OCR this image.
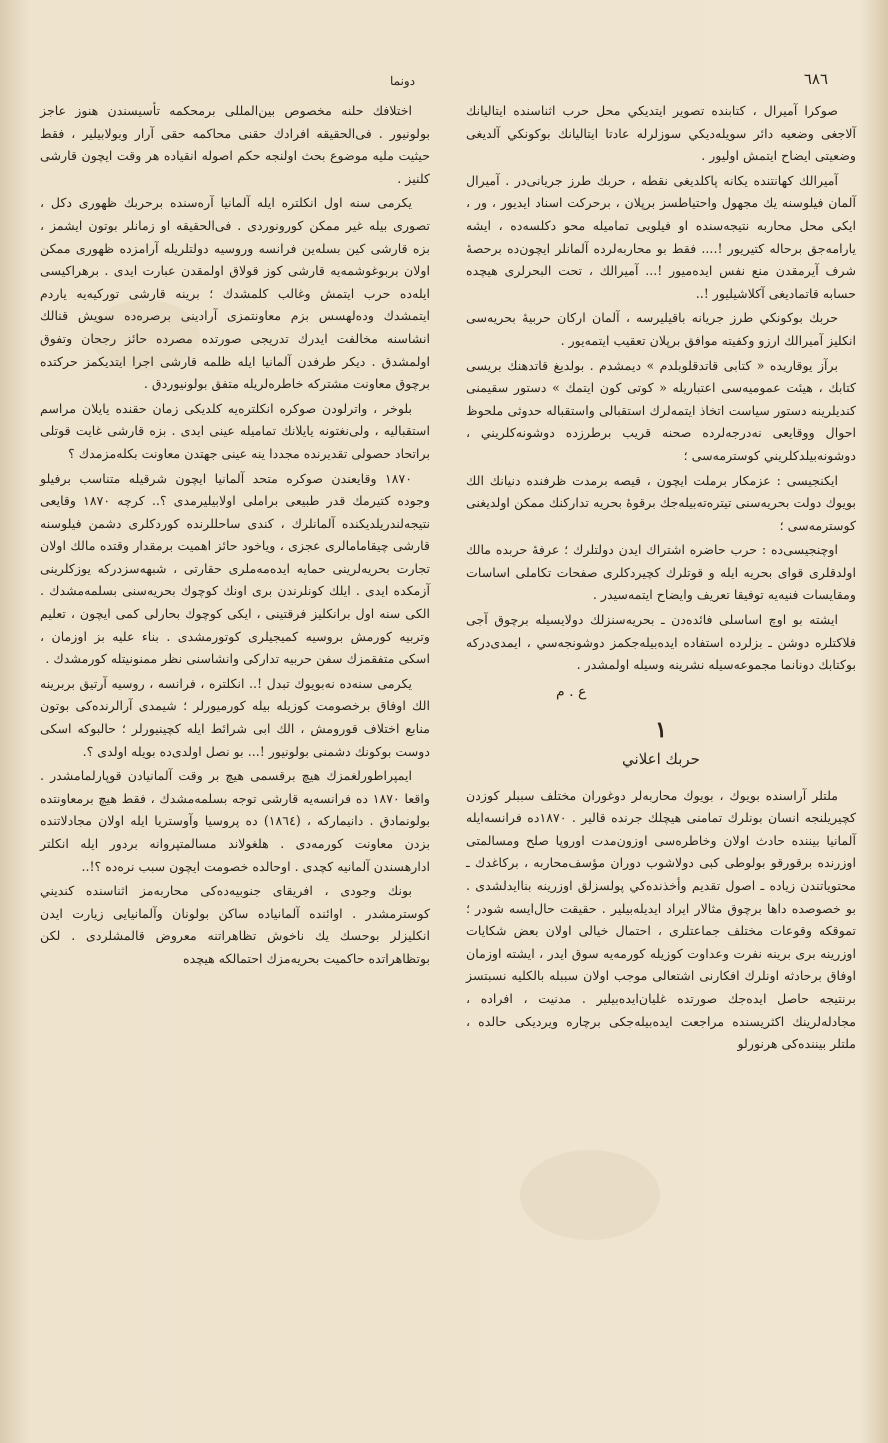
٦٨٦
دونما

صوكرا آميرال ، كتابنده تصوير ايتديكي محل حرب اثناسنده ايتاليانك آلاجغى وضعيه دائر سويله‌ديكي سوزلرله عادتا ايتاليانك بوكونكي آلديغى وضعيتى ايضاح ايتمش اوليور .

آميرالك كهانتنده يكانه پاكلديغى نقطه ، حربك طرز جريانى‌در . آميرال آلمان فيلوسنه يك مجهول واحتياطسز برپلان ، برحركت اسناد ايديور ، ور ، ايكى محل محاربه نتيجه‌سنده او فيلويى تماميله محو دكلسه‌ده ، ايشه يارامه‌جق برحاله كتيريور !.... فقط بو محاربه‌لرده آلمانلر ايچون‌ده برحصهٔ شرف آيرمقدن منع نفس ايده‌ميور !... آميرالك ، تحت البحرلرى هيچده حسابه قاتماديغى آكلاشيليور !..

حربك بوكونكي طرز جريانه باقيليرسه ، آلمان اركان حربيهٔ بحريه‌سى انكليز آميرالك ارزو وكفيته موافق برپلان تعقيب ايتمه‌يور .

برآز يوقاريده « كتابى قاتدقلوبلدم » ديمشدم . بولديغ قاتدهنك بريسى كتابك ، هيئت عموميه‌سى اعتباريله « كوتى كون ايتمك » دستور سقيمنى كنديلرينه دستور سياست اتخاذ ايتمه‌لرك استقبالى واستقباله حدوثى ملحوظ احوال ووقايعى نه‌درجه‌لرده صحنه قريب برطرزده دوشونه‌كلريني ، دوشونه‌بيلدكلريني كوسترمه‌سى ؛

ايكنجيسى : عزمكار برملت ايچون ، قيصه برمدت ظرفنده دنيانك الك بويوك دولت بحريه‌سنى تيتره‌ته‌بيله‌جك برقوهٔ بحريه تداركنك ممكن اولديغنى كوسترمه‌سى ؛

اوچنجيسى‌ده : حرب حاضره اشتراك ايدن دولتلرك ؛ عرفهٔ حربده مالك اولدقلرى قواى بحريه ايله و قوتلرك كچيردكلرى صفحات تكاملى اساسات ومقايسات فنيه‌يه توفيقا تعريف وايضاح ايتمه‌سيدر .

ايشته بو اوچ اساسلى فائده‌دن ـ بحريه‌سنزلك دولايسيله برچوق آجى فلاكتلره دوشن ـ بزلرده استفاده ايده‌بيله‌جكمز دوشونجه‌سي ، ايمدى‌دركه بوكتابك دونانما مجموعه‌سيله نشرينه وسيله اولمشدر .

ع . م
١
حربك اعلاني

ملتلر آراسنده بويوك ، بويوك محاربه‌لر دوغوران مختلف سببلر كوزدن كچيريلنجه انسان بونلرك تمامنى هيچلك جرنده قالير . ١٨٧٠ده فرانسه‌ايله آلمانيا بيننده حادث اولان وخاطره‌سى اوزون‌مدت اوروپا صلح ومسالمتى اوزرنده برقورقو بولوطى كبى دولاشوب دوران مؤسف‌محاربه ، بركاغدك ـ محتوياتندن زياده ـ اصول تقديم وأخذنده‌كي پولسزلق اوزرينه بناايدلشدى . بو خصوصده داها برچوق مثالار ايراد ايديله‌بيلير . حقيقت حال‌ايسه شودر ؛ تموقكه وقوعات مختلف جماعتلرى ، احتمال خيالى اولان بعض شكايات اوزرينه برى برينه نفرت وعداوت كوزيله كورمه‌يه سوق ايدر ، ايشته اوزمان اوفاق برحادثه اونلرك افكارنى اشتعالى موجب اولان سببله بالكليه نسبتسز برنتيجه حاصل ايده‌جك صورتده غليان‌ايده‌بيلير . مدنيت ، افراده ، مجادله‌لرينك اكثريسنده مراجعت ايده‌بيله‌جكى برچاره ويرديكى حالده ، ملتلر بيننده‌كى هرنورلو

اختلافك حلنه مخصوص بين‌المللى برمحكمه تأسيسندن هنوز عاجز بولونيور . فى‌الحقيقه افرادك حقنى محاكمه حقى آرار وبولابيلير ، فقط حيثيت مليه موضوع بحث اولنجه حكم اصوله انقياده هر وقت ايچون قارشى كلنيز .

يكرمى سنه اول انكلتره ايله آلمانيا آره‌سنده برحربك ظهورى دكل ، تصورى بيله غير ممكن كورونوردى . فى‌الحقيقه او زمانلر بوتون ايشمز ، بزه قارشى كين بسله‌ين فرانسه وروسيه دولتلريله آرامزده ظهورى ممكن اولان بربوغوشمه‌يه قارشى كوز قولاق اولمقدن عبارت ايدى . برهراكيسى ايله‌ده حرب ايتمش وغالب كلمشدك ؛ برينه قارشى توركيه‌يه ياردم ايتمشدك وده‌لهسس بزم معاونتمزى آرادينى برصره‌ده سويش قنالك انشاسنه مخالفت ايدرك تدريجى صورتده مصرده حائز رجحان وتفوق اولمشدق . ديكر طرفدن آلمانيا ايله ظلمه قارشى اجرا ايتديكمز حركتده برچوق معاونت مشتركه خاطره‌لريله متفق بولونيوردق .

بلوخر ، واترلودن صوكره انكلتره‌يه كلديكى زمان حقنده يايلان مراسم استقباليه ، ولى‌نغتونه يايلانك تماميله عينى ايدى . بزه قارشى غايت قوتلى براتحاد حصولى تقديرنده مجددا ينه عينى جهتدن معاونت بكله‌مزمدك ؟

١٨٧٠ وقايعندن صوكره متحد آلمانيا ايچون شرقيله متناسب برفيلو وجوده كتيرمك قدر طبيعى براملى اولابيليرمدى ؟.. كرچه ١٨٧٠ وقايعى نتيجه‌لندريلديكنده آلمانلرك ، كندى ساحللرنده كوردكلرى دشمن فيلوسنه قارشى چيقامامالرى عجزى ، وياخود حائز اهميت برمقدار وقتده مالك اولان تجارت بحريه‌لرينى حمايه ايده‌مه‌ملرى حقارتى ، شبهه‌سزدركه يوزكلرينى آزمكده ايدى . ايلك كونلرندن برى اونك كوچوك بحريه‌سنى بسلمه‌مشدك . الكى سنه اول برانكليز فرقتينى ، ايكى كوچوك بحارلى كمى ايچون ، تعليم وتربيه كورمش بروسيه كميجيلرى كوتورمشدى . بناء عليه بز اوزمان ، اسكى متفقمزك سفن حربيه تداركى وانشاسنى نظر ممنونيتله كورمشدك .

يكرمى سنه‌ده نه‌بويوك تبدل !.. انكلتره ، فرانسه ، روسيه آرتيق بربرينه الك اوفاق برخصومت كوزيله بيله كورميورلر ؛ شيمدى آرالرنده‌كى بوتون منابع اختلاف قورومش ، الك ابى شرائط ايله كچينيورلر ؛ حالبوكه اسكى دوست بوكونك دشمنى بولونيور !... بو نصل اولدى‌ده بويله اولدى ؟.

ايمپراطورلغمزك هيچ برقسمى هيچ بر وقت آلمانيادن قوپارلمامشدر . واقعا ١٨٧٠ ده فرانسه‌يه قارشى توجه بسلمه‌مشدك ، فقط هيچ برمعاونتده بولونمادق . دانيماركه ، (١٨٦٤) ده پروسيا وآوستريا ايله اولان مجادلاتنده بزدن معاونت كورمه‌دى . هلغولاند مسالمتپروانه بردور ايله انكلتر ادارهسندن آلمانيه كچدى . اوحالده خصومت ايچون سبب نره‌ده ؟!..

بونك وجودى ، افريقاى جنوبيه‌ده‌كى محاربه‌مز اثناسنده كنديني كوسترمشدر . اوائنده آلمانياده ساكن بولونان وآلمانيايى زيارت ايدن انكليزلر بوحسك يك ناخوش تظاهراتنه معروض قالمشلردى . لكن بوتظاهراتده حاكميت بحريه‌مزك احتمالكه هيچده
